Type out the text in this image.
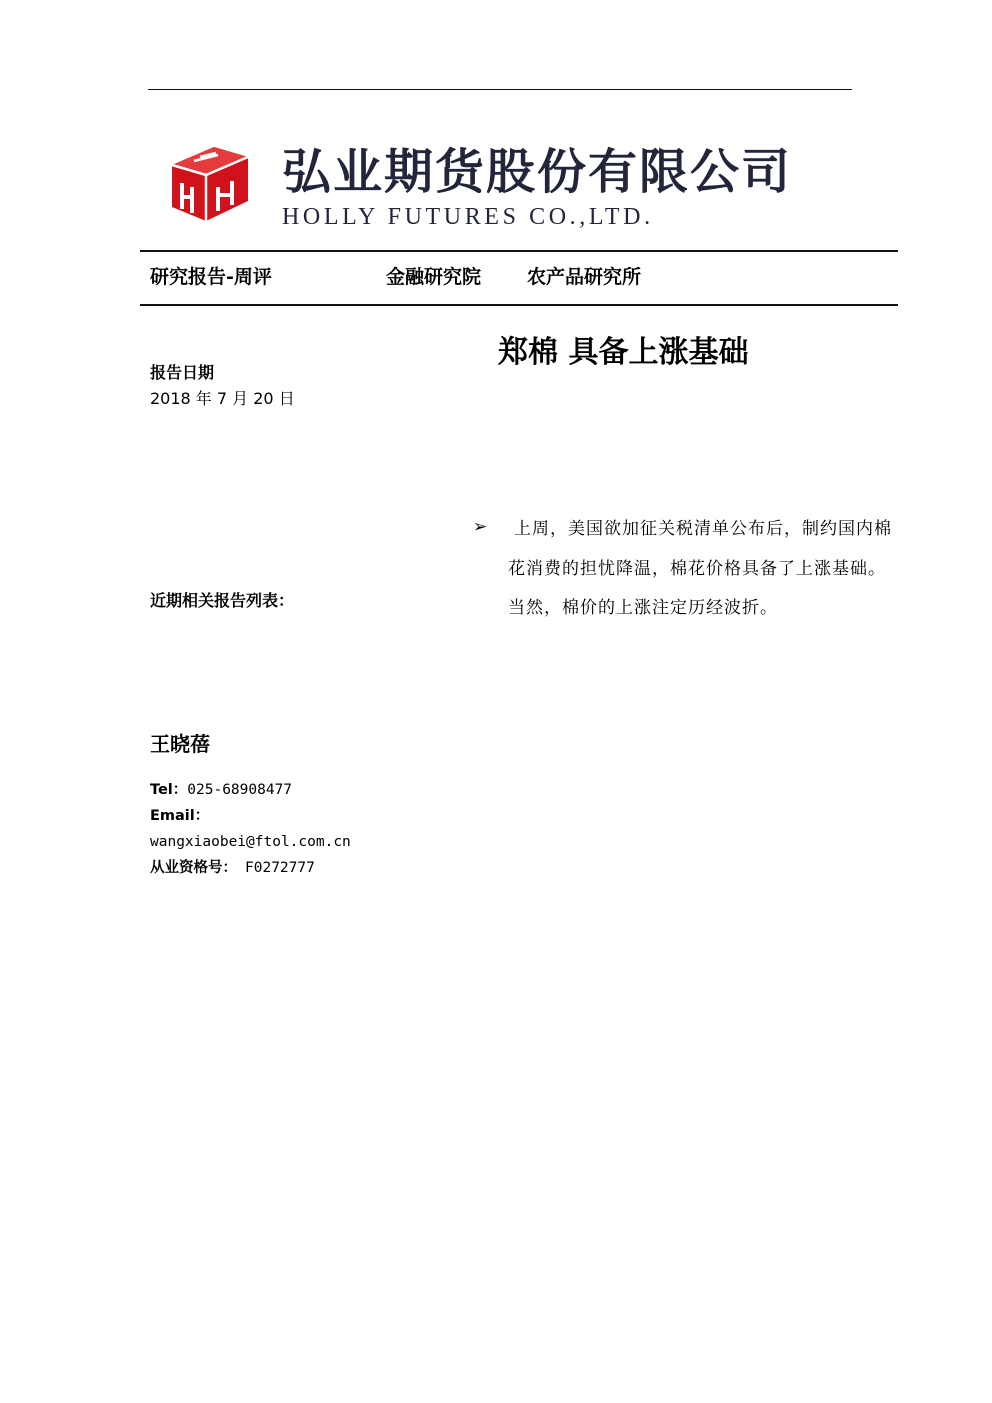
弘业期货股份有限公司
HOLLY FUTURES CO.,LTD.
研究报告-周评	金融研究院 农产品研究所
郑棉 具备上涨基础
报告日期
2018 年 7 月 20 日
➢	上周，美国欲加征关税清单公布后，制约国内棉
花消费的担忧降温，棉花价格具备了上涨基础。
当然，棉价的上涨注定历经波折。
近期相关报告列表：
王晓蓓
Tel：025-68908477
Email：
wangxiaobei@ftol.com.cn
从业资格号： F0272777
